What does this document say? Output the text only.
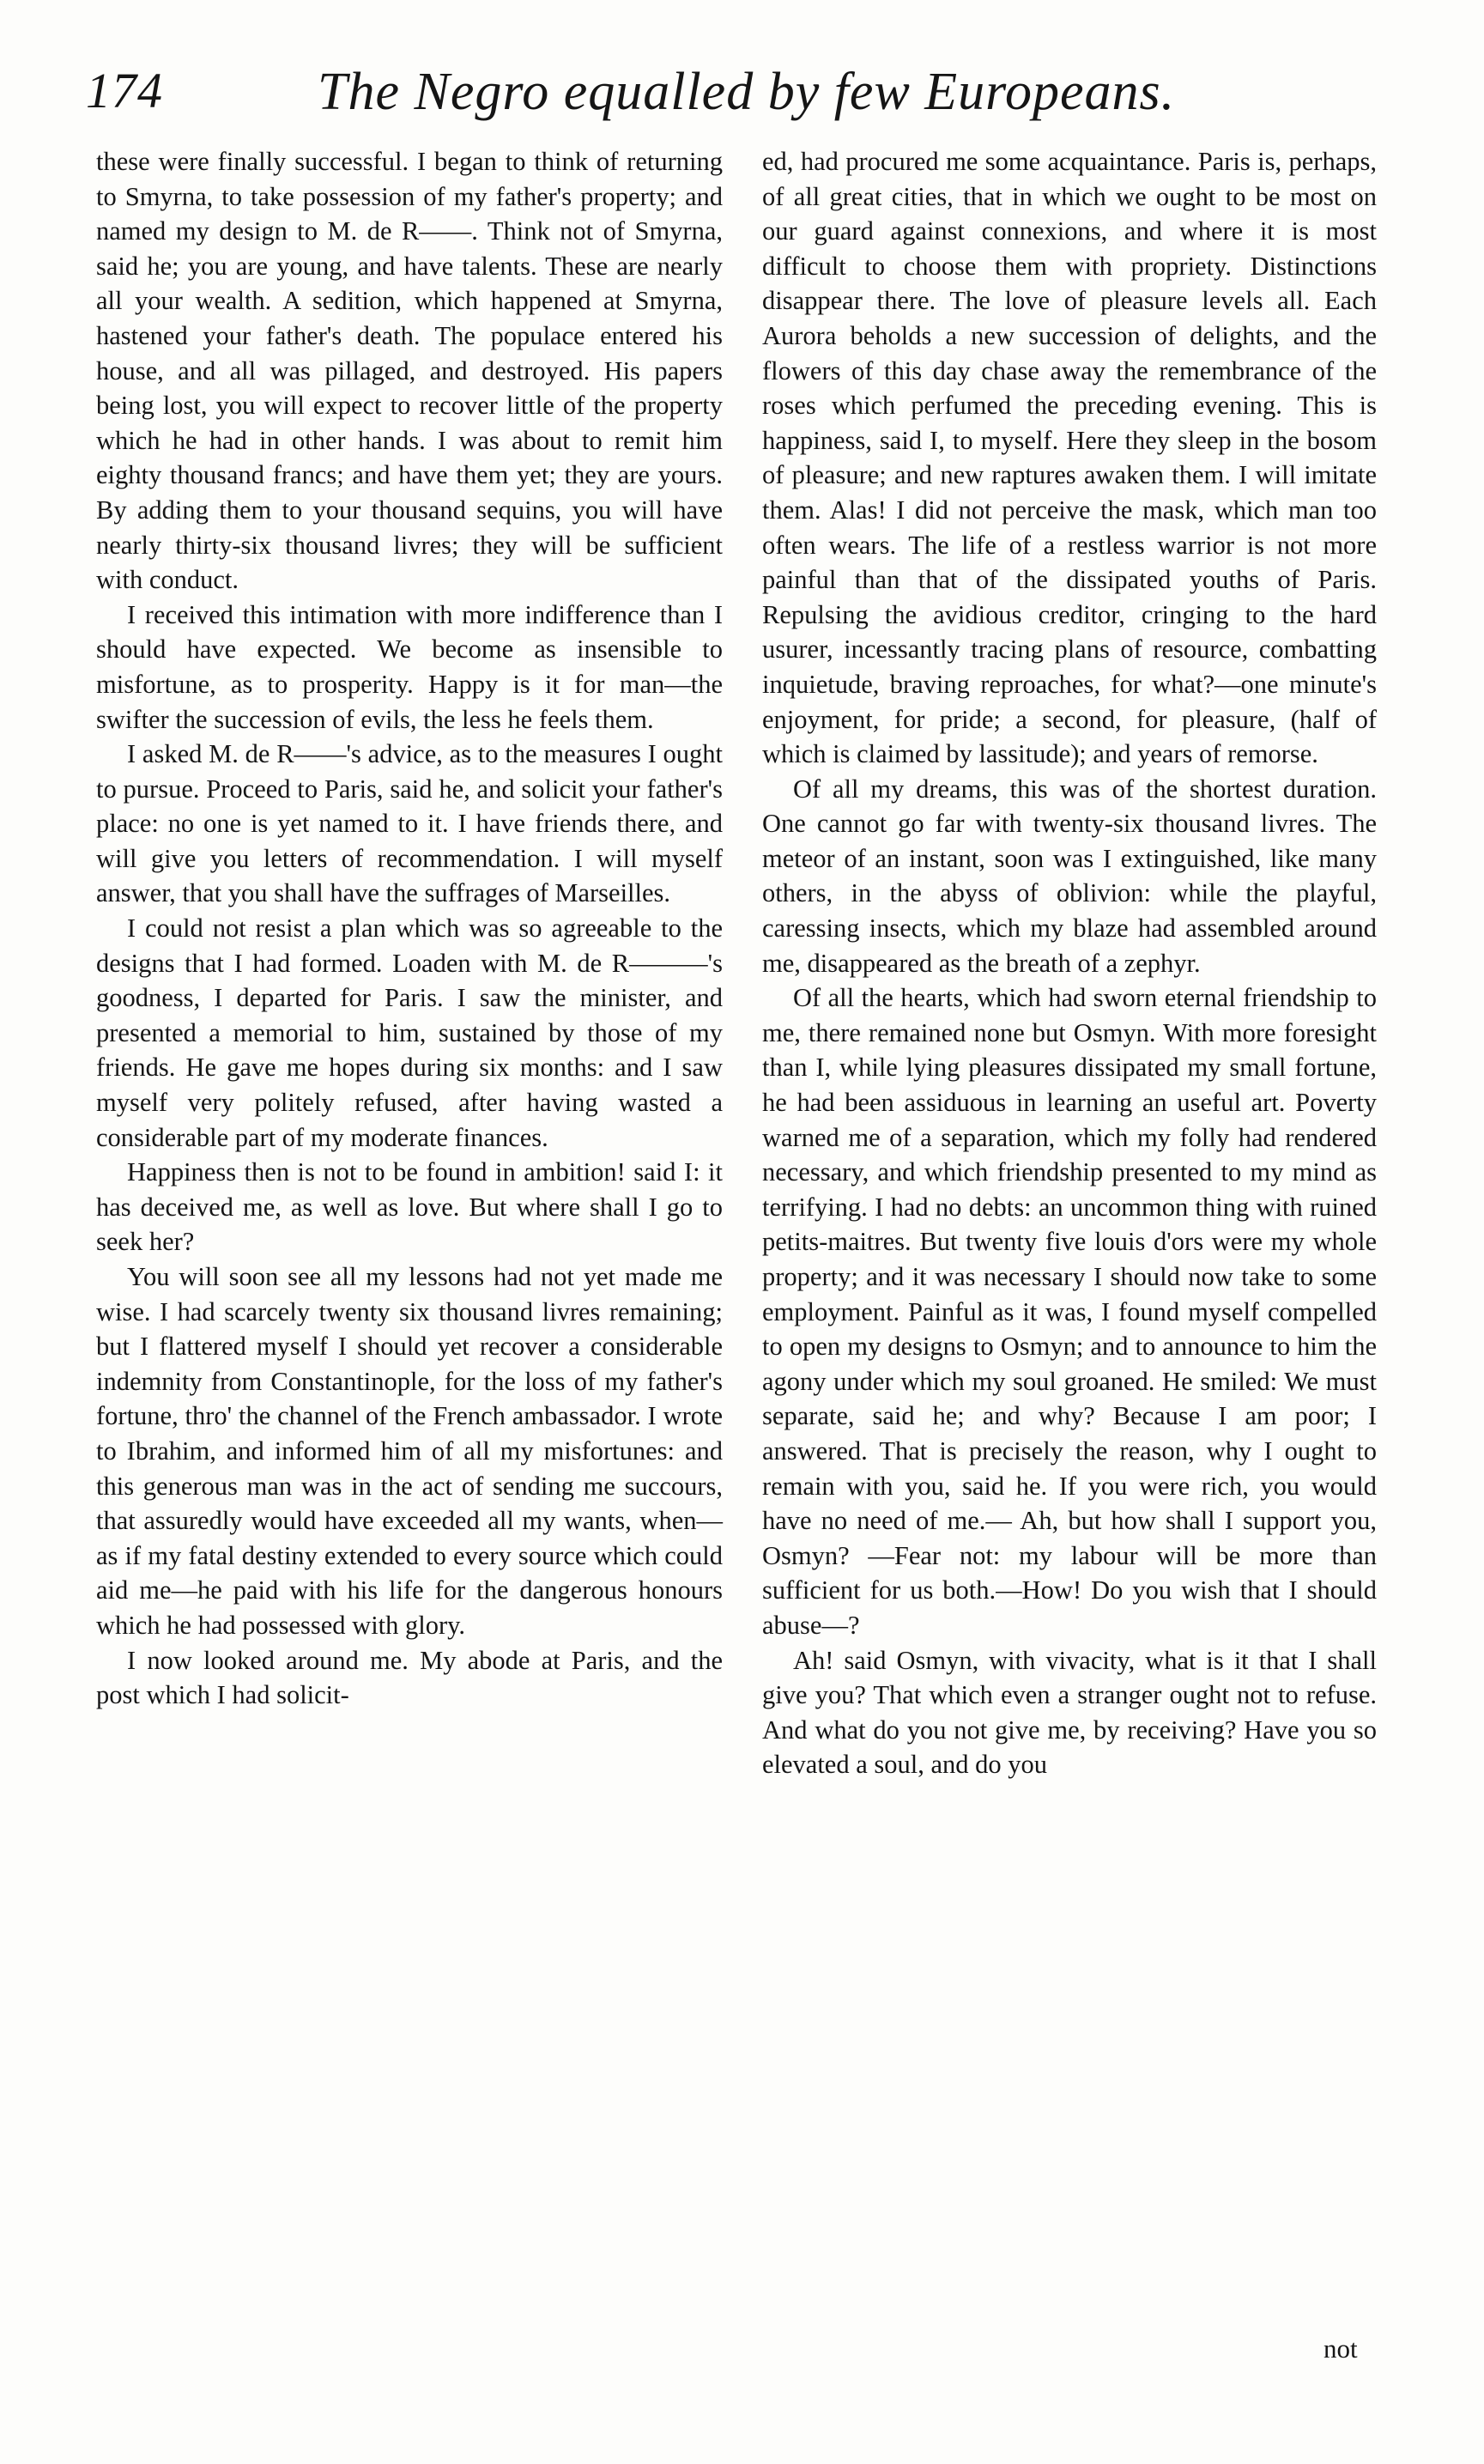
174	The Negro equalled by few Europeans.

these were finally successful. I began to think of returning to Smyrna, to take possession of my father's property; and named my design to M. de R——. Think not of Smyrna, said he; you are young, and have talents. These are nearly all your wealth. A sedition, which happened at Smyrna, hastened your father's death. The populace entered his house, and all was pillaged, and destroyed. His papers being lost, you will expect to recover little of the property which he had in other hands. I was about to remit him eighty thousand francs; and have them yet; they are yours. By adding them to your thousand sequins, you will have nearly thirty-six thousand livres; they will be sufficient with conduct.

I received this intimation with more indifference than I should have expected. We become as insensible to misfortune, as to prosperity. Happy is it for man—the swifter the succession of evils, the less he feels them.

I asked M. de R——'s advice, as to the measures I ought to pursue. Proceed to Paris, said he, and solicit your father's place: no one is yet named to it. I have friends there, and will give you letters of recommendation. I will myself answer, that you shall have the suffrages of Marseilles.

I could not resist a plan which was so agreeable to the designs that I had formed. Loaden with M. de R———'s goodness, I departed for Paris. I saw the minister, and presented a memorial to him, sustained by those of my friends. He gave me hopes during six months: and I saw myself very politely refused, after having wasted a considerable part of my moderate finances.

Happiness then is not to be found in ambition! said I: it has deceived me, as well as love. But where shall I go to seek her?

You will soon see all my lessons had not yet made me wise. I had scarcely twenty six thousand livres remaining; but I flattered myself I should yet recover a considerable indemnity from Constantinople, for the loss of my father's fortune, thro' the channel of the French ambassador. I wrote to Ibrahim, and informed him of all my misfortunes: and this generous man was in the act of sending me succours, that assuredly would have exceeded all my wants, when—as if my fatal destiny extended to every source which could aid me—he paid with his life for the dangerous honours which he had possessed with glory.

I now looked around me. My abode at Paris, and the post which I had solicit-

ed, had procured me some acquaintance. Paris is, perhaps, of all great cities, that in which we ought to be most on our guard against connexions, and where it is most difficult to choose them with propriety. Distinctions disappear there. The love of pleasure levels all. Each Aurora beholds a new succession of delights, and the flowers of this day chase away the remembrance of the roses which perfumed the preceding evening. This is happiness, said I, to myself. Here they sleep in the bosom of pleasure; and new raptures awaken them. I will imitate them. Alas! I did not perceive the mask, which man too often wears. The life of a restless warrior is not more painful than that of the dissipated youths of Paris. Repulsing the avidious creditor, cringing to the hard usurer, incessantly tracing plans of resource, combatting inquietude, braving reproaches, for what?—one minute's enjoyment, for pride; a second, for pleasure, (half of which is claimed by lassitude); and years of remorse.

Of all my dreams, this was of the shortest duration. One cannot go far with twenty-six thousand livres. The meteor of an instant, soon was I extinguished, like many others, in the abyss of oblivion: while the playful, caressing insects, which my blaze had assembled around me, disappeared as the breath of a zephyr.

Of all the hearts, which had sworn eternal friendship to me, there remained none but Osmyn. With more foresight than I, while lying pleasures dissipated my small fortune, he had been assiduous in learning an useful art. Poverty warned me of a separation, which my folly had rendered necessary, and which friendship presented to my mind as terrifying. I had no debts: an uncommon thing with ruined petits-maitres. But twenty five louis d'ors were my whole property; and it was necessary I should now take to some employment. Painful as it was, I found myself compelled to open my designs to Osmyn; and to announce to him the agony under which my soul groaned. He smiled: We must separate, said he; and why? Because I am poor; I answered. That is precisely the reason, why I ought to remain with you, said he. If you were rich, you would have no need of me.— Ah, but how shall I support you, Osmyn? —Fear not: my labour will be more than sufficient for us both.—How! Do you wish that I should abuse—?

Ah! said Osmyn, with vivacity, what is it that I shall give you? That which even a stranger ought not to refuse. And what do you not give me, by receiving? Have you so elevated a soul, and do you

not
